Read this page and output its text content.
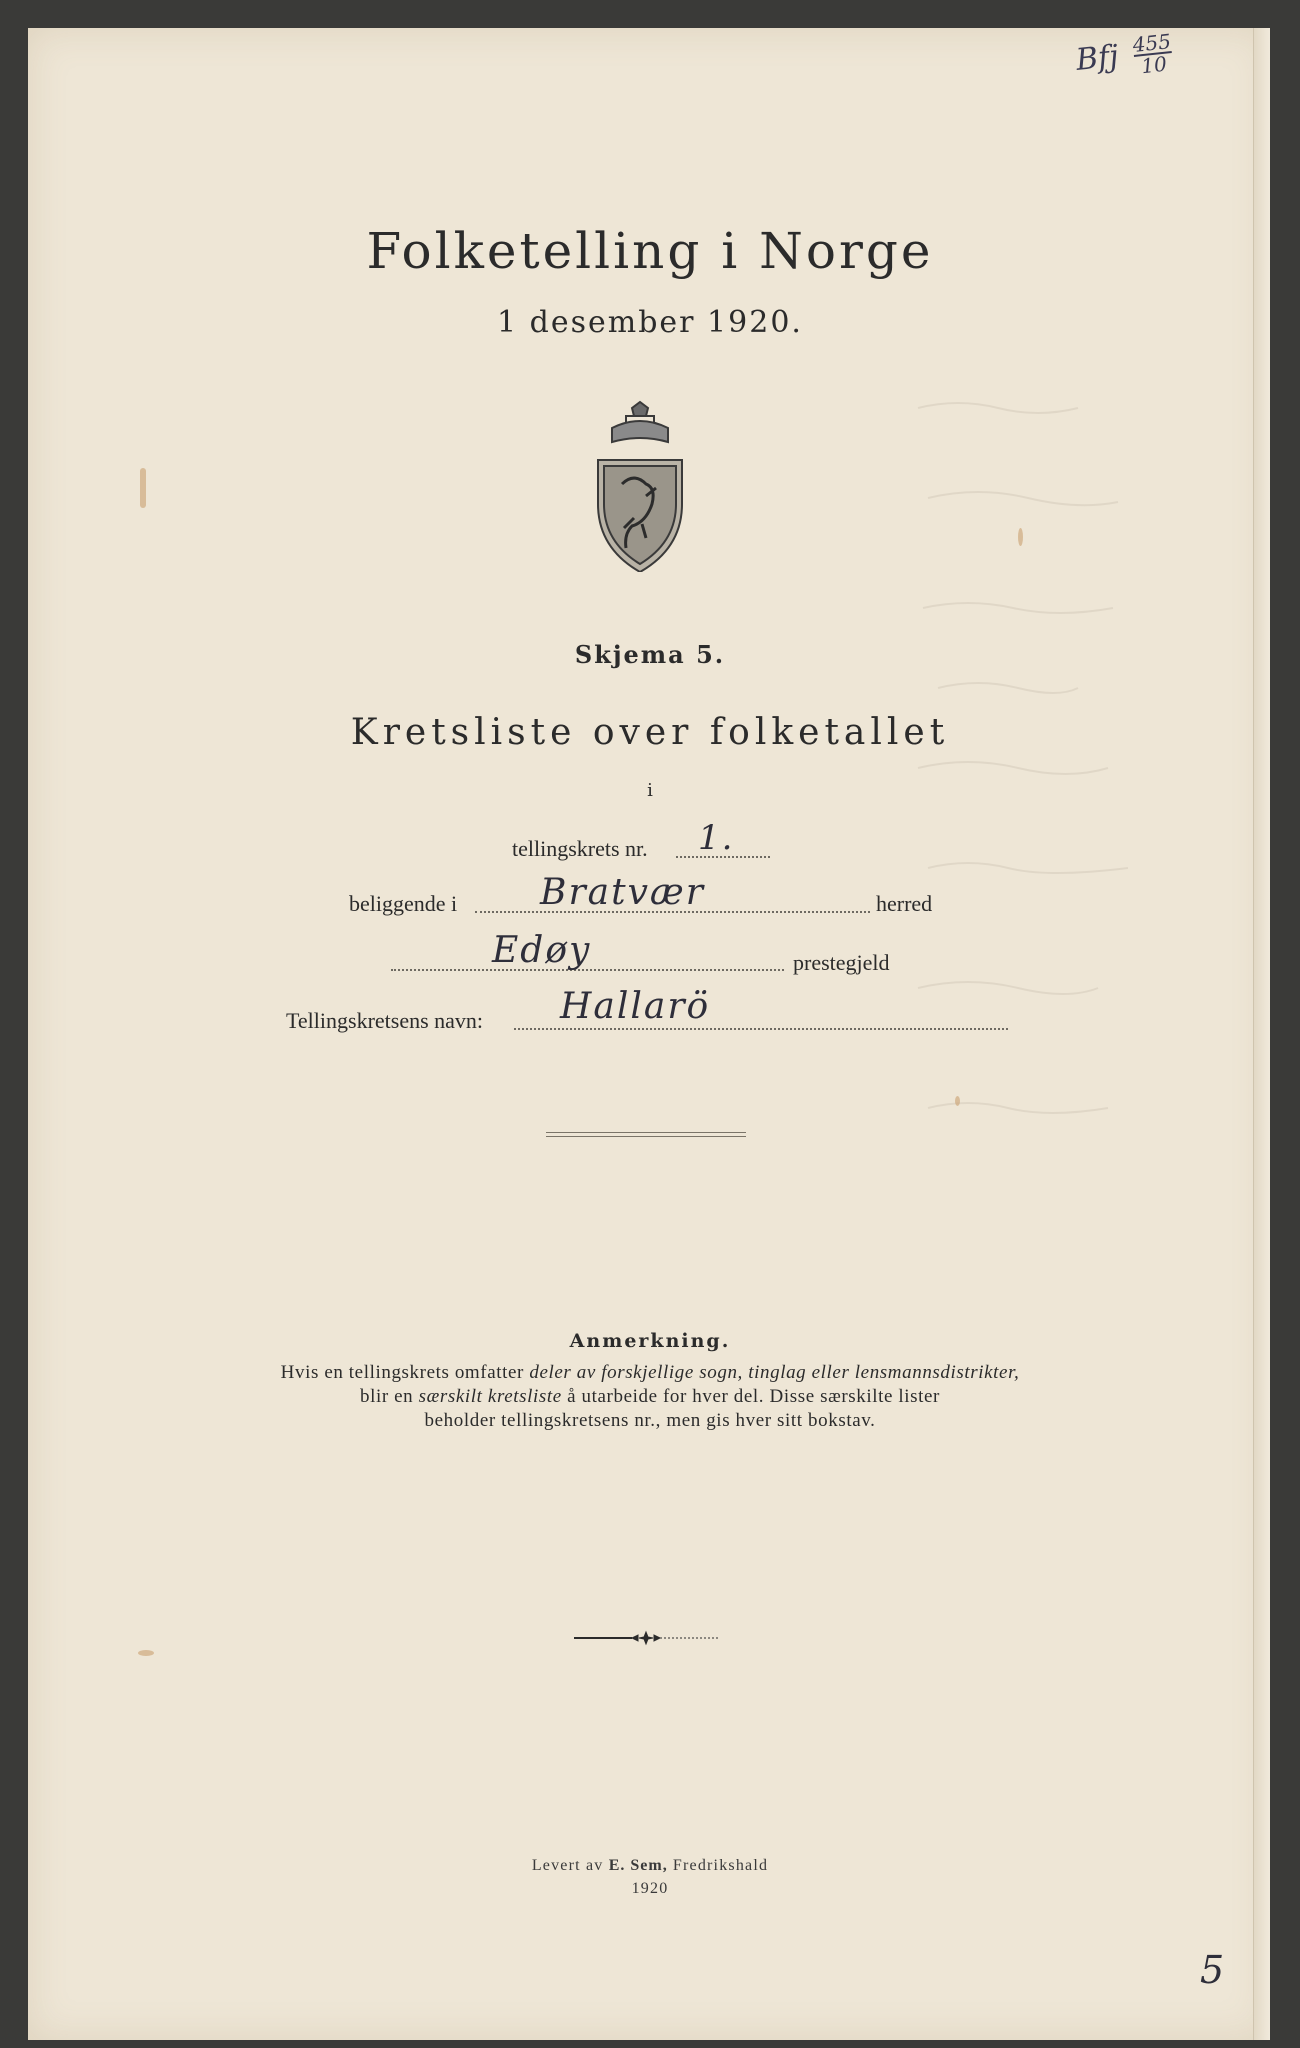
Bfj $\frac{455}{10}$
Folketelling i Norge
1 desember 1920.
Skjema 5.
Kretsliste over folketallet
i
tellingskrets nr. 1.
beliggende i Bratvær	herred
Edøy	prestegjeld
Tellingskretsens navn: Hallarö
Anmerkning.
Hvis en tellingskrets omfatter deler av forskjellige sogn, tinglag eller lensmannsdistrikter,
blir en særskilt kretsliste å utarbeide for hver del. Disse særskilte lister
beholder tellingskretsens nr., men gis hver sitt bokstav.
Levert av E. Sem, Fredrikshald
1920
5
